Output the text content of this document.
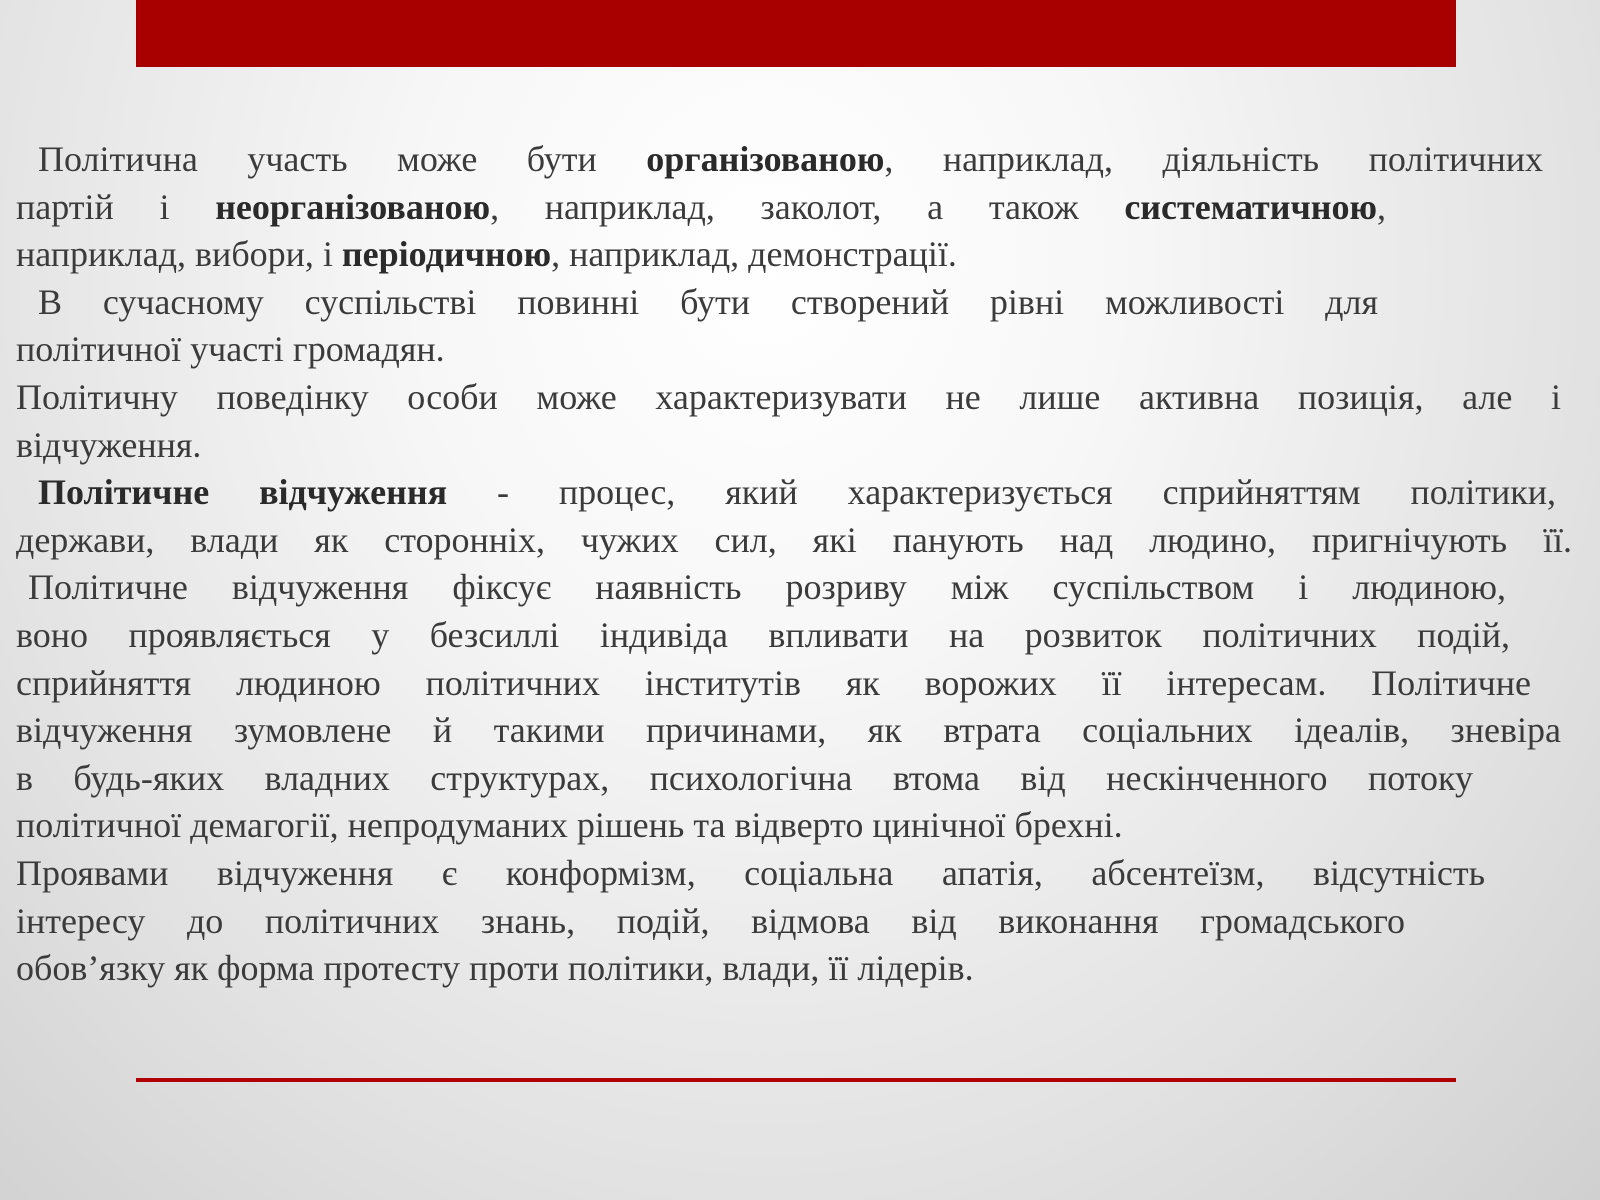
Політична участь може бути організованою, наприклад, діяльність політичних
партій і неорганізованою, наприклад, заколот, а також систематичною,
наприклад, вибори, і періодичною, наприклад, демонстрації.
В сучасному суспільстві повинні бути створений рівні можливості для
політичної участі громадян.
Політичну поведінку особи може характеризувати не лише активна позиція, але і
відчуження.
Політичне відчуження - процес, який характеризується сприйняттям політики,
держави, влади як сторонніх, чужих сил, які панують над людино, пригнічують її.
Політичне відчуження фіксує наявність розриву між суспільством і людиною,
воно проявляється у безсиллі індивіда впливати на розвиток політичних подій,
сприйняття людиною політичних інститутів як ворожих її інтересам. Політичне
відчуження зумовлене й такими причинами, як втрата соціальних ідеалів, зневіра
в будь-яких владних структурах, психологічна втома від нескінченного потоку
політичної демагогії, непродуманих рішень та відверто цинічної брехні.
Проявами відчуження є конформізм, соціальна апатія, абсентеїзм, відсутність
інтересу до політичних знань, подій, відмова від виконання громадського
обов’язку як форма протесту проти політики, влади, її лідерів.
